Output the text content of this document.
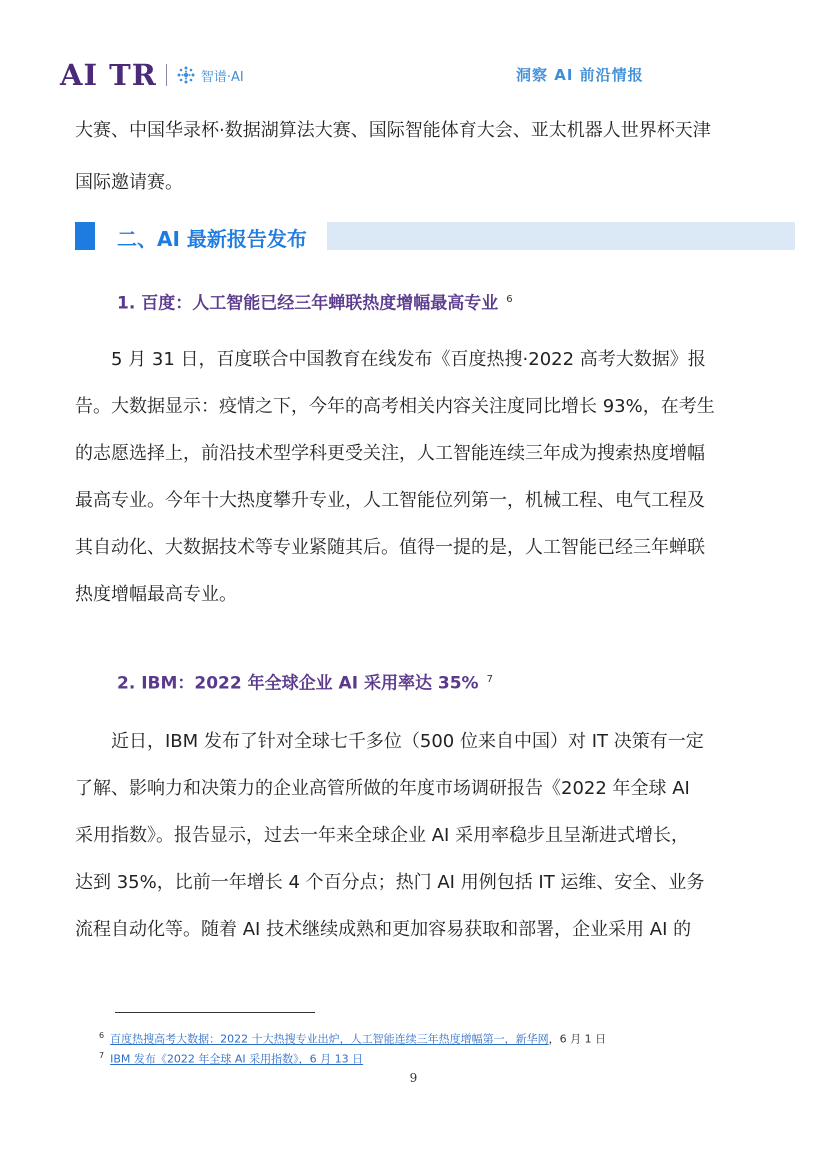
AI TR	智谱·AI	洞察 AI 前沿情报
大赛、中国华录杯·数据湖算法大赛、国际智能体育大会、亚太机器人世界杯天津
国际邀请赛。
二、AI 最新报告发布
1. 百度：人工智能已经三年蝉联热度增幅最高专业 $^6$
5 月 31 日，百度联合中国教育在线发布《百度热搜·2022 高考大数据》报
告。大数据显示：疫情之下，今年的高考相关内容关注度同比增长 93%，在考生
的志愿选择上，前沿技术型学科更受关注，人工智能连续三年成为搜索热度增幅
最高专业。今年十大热度攀升专业，人工智能位列第一，机械工程、电气工程及
其自动化、大数据技术等专业紧随其后。值得一提的是，人工智能已经三年蝉联
热度增幅最高专业。
2. IBM：2022 年全球企业 AI 采用率达 35% $^7$
近日，IBM 发布了针对全球七千多位（500 位来自中国）对 IT 决策有一定
了解、影响力和决策力的企业高管所做的年度市场调研报告《2022 年全球 AI
采用指数》。报告显示，过去一年来全球企业 AI 采用率稳步且呈渐进式增长，
达到 35%，比前一年增长 4 个百分点；热门 AI 用例包括 IT 运维、安全、业务
流程自动化等。随着 AI 技术继续成熟和更加容易获取和部署，企业采用 AI 的
$^6$ 百度热搜高考大数据：2022 十大热搜专业出炉，人工智能连续三年热度增幅第一，新华网，6 月 1 日
$^7$ IBM 发布《2022 年全球 AI 采用指数》，6 月 13 日
9
